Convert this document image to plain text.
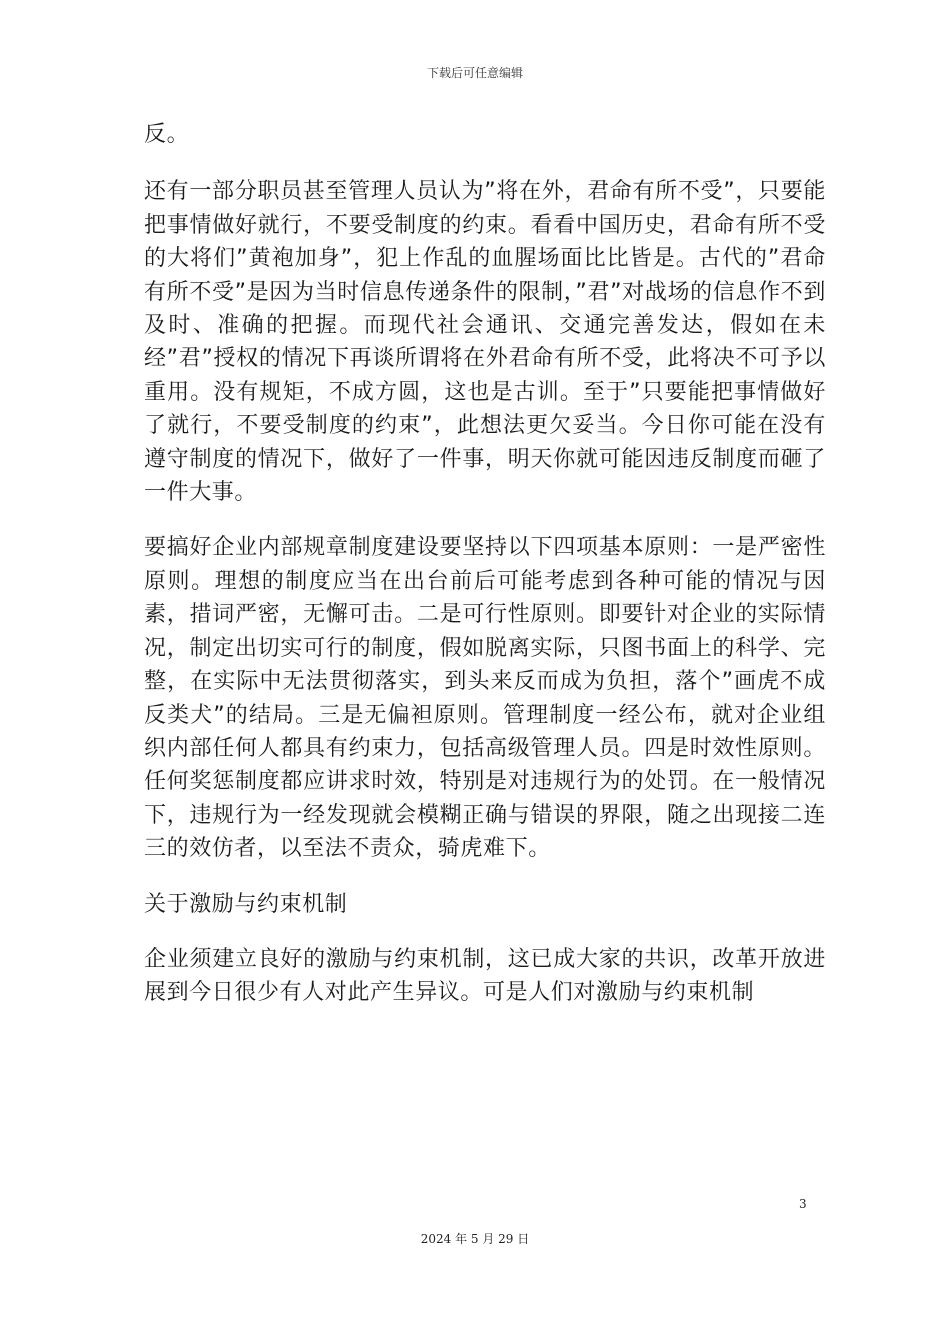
下载后可任意编辑

反。

还有一部分职员甚至管理人员认为”将在外，君命有所不受”，只要能把事情做好就行，不要受制度的约束。看看中国历史，君命有所不受的大将们”黄袍加身”，犯上作乱的血腥场面比比皆是。古代的”君命有所不受”是因为当时信息传递条件的限制，”君”对战场的信息作不到及时、准确的把握。而现代社会通讯、交通完善发达，假如在未经”君”授权的情况下再谈所谓将在外君命有所不受，此将决不可予以重用。没有规矩，不成方圆，这也是古训。至于”只要能把事情做好了就行，不要受制度的约束”，此想法更欠妥当。今日你可能在没有遵守制度的情况下，做好了一件事，明天你就可能因违反制度而砸了一件大事。

要搞好企业内部规章制度建设要坚持以下四项基本原则：一是严密性原则。理想的制度应当在出台前后可能考虑到各种可能的情况与因素，措词严密，无懈可击。二是可行性原则。即要针对企业的实际情况，制定出切实可行的制度，假如脱离实际，只图书面上的科学、完整，在实际中无法贯彻落实，到头来反而成为负担，落个”画虎不成反类犬”的结局。三是无偏袒原则。管理制度一经公布，就对企业组织内部任何人都具有约束力，包括高级管理人员。四是时效性原则。任何奖惩制度都应讲求时效，特别是对违规行为的处罚。在一般情况下，违规行为一经发现就会模糊正确与错误的界限，随之出现接二连三的效仿者，以至法不责众，骑虎难下。

关于激励与约束机制

企业须建立良好的激励与约束机制，这已成大家的共识，改革开放进展到今日很少有人对此产生异议。可是人们对激励与约束机制

3
2024 年 5 月 29 日
